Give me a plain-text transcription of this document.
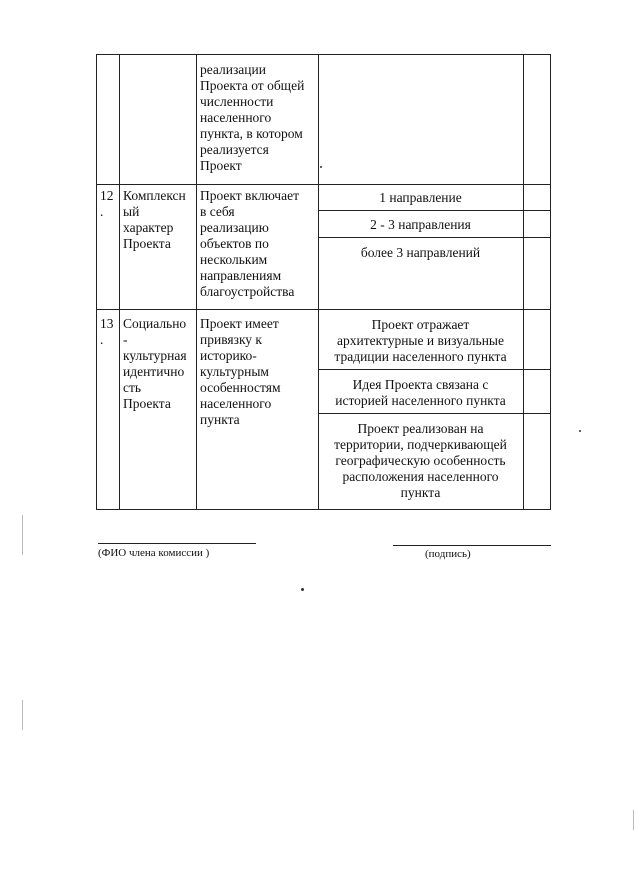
реализации
Проекта от общей
численности
населенного
пункта, в котором
реализуется
Проект
12
.
Комплексн
ый
характер
Проекта
Проект включает
в себя
реализацию
объектов по
нескольким
направлениям
благоустройства
1 направление
2 - 3 направления
более 3 направлений
13
.
Социально
-
культурная
идентично
сть
Проекта
Проект имеет
привязку к
историко-
культурным
особенностям
населенного
пункта
Проект отражает
архитектурные и визуальные
традиции населенного пункта
Идея Проекта связана с
историей населенного пункта
Проект реализован на
территории, подчеркивающей
географическую особенность
расположения населенного
пункта
(ФИО члена комиссии )	(подпись)
